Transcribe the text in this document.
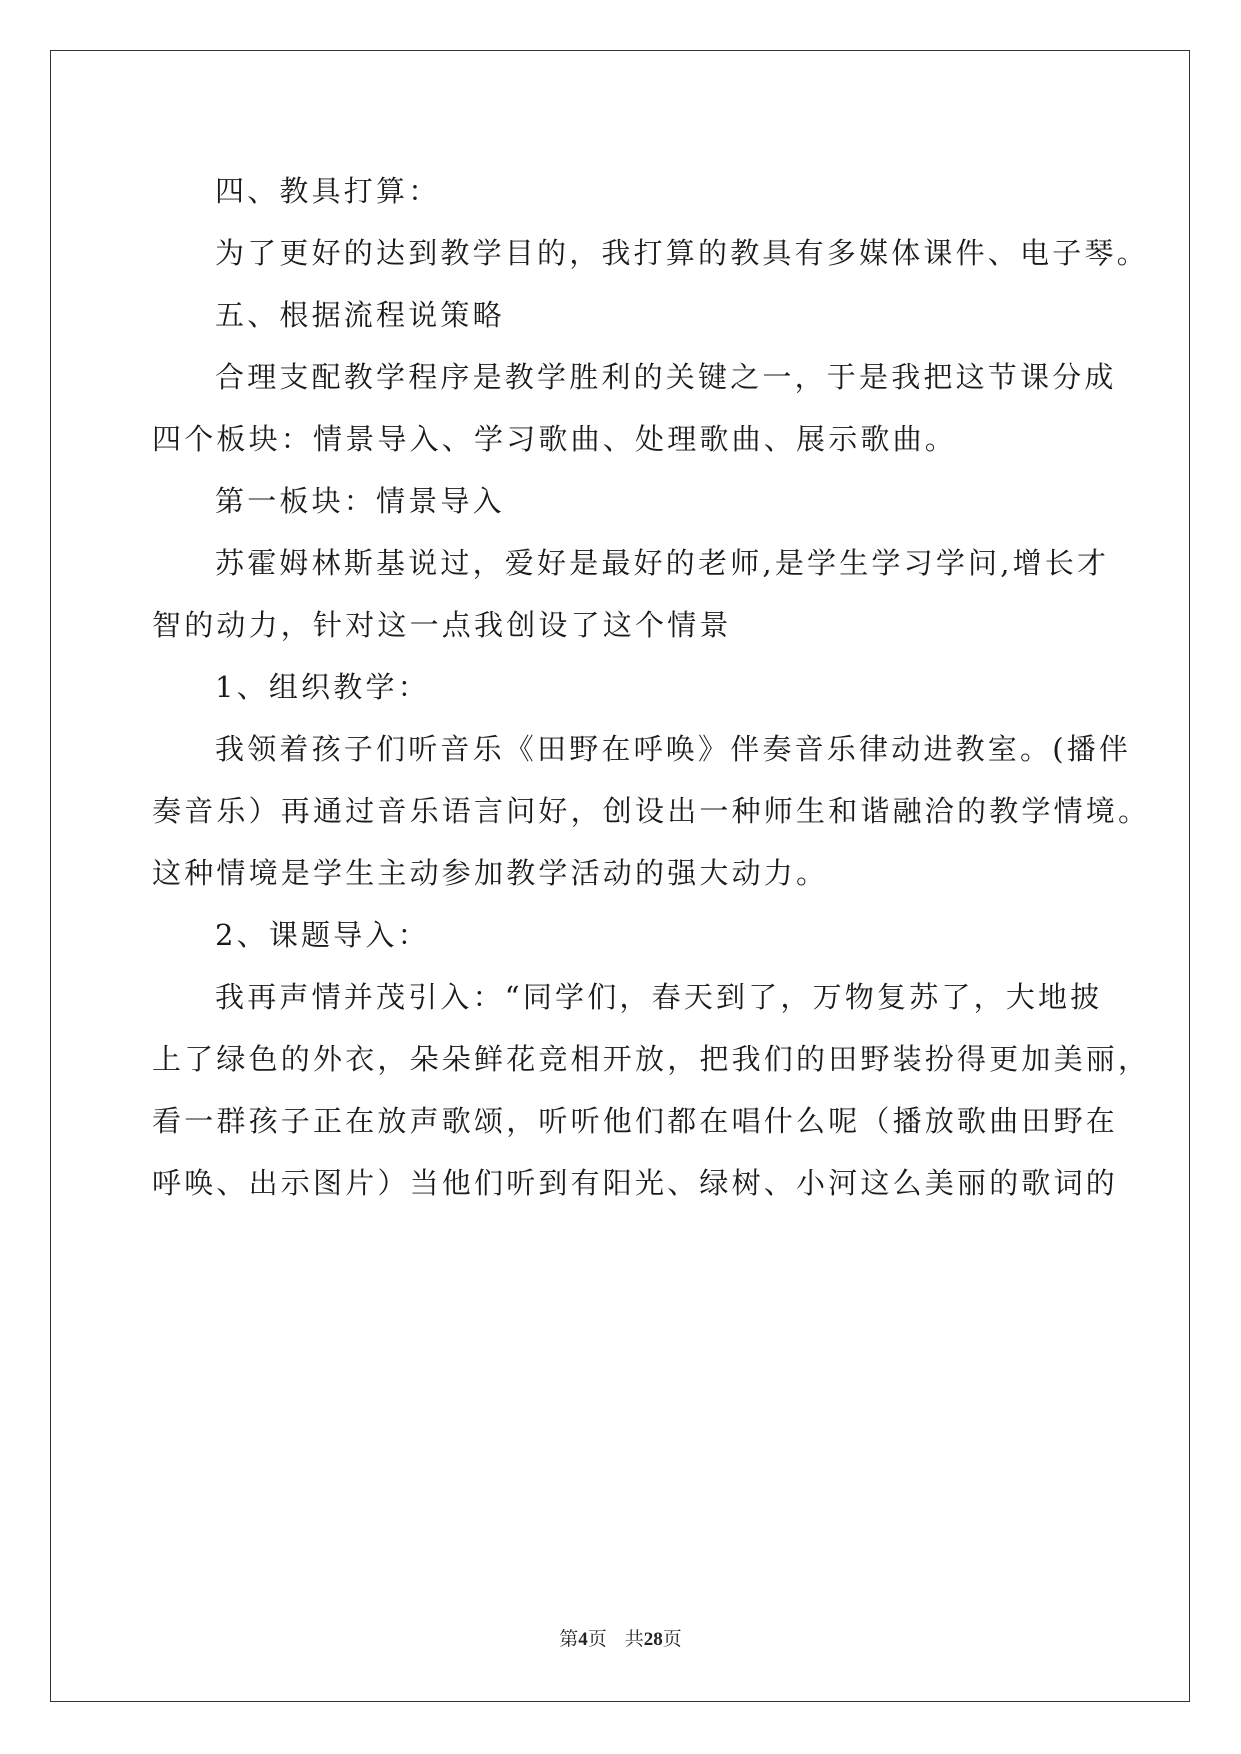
四、教具打算：
为了更好的达到教学目的，我打算的教具有多媒体课件、电子琴。
五、根据流程说策略
合理支配教学程序是教学胜利的关键之一，于是我把这节课分成
四个板块：情景导入、学习歌曲、处理歌曲、展示歌曲。
第一板块：情景导入
苏霍姆林斯基说过，爱好是最好的老师,是学生学习学问,增长才
智的动力，针对这一点我创设了这个情景
1、组织教学：
我领着孩子们听音乐《田野在呼唤》伴奏音乐律动进教室。(播伴
奏音乐）再通过音乐语言问好，创设出一种师生和谐融洽的教学情境。
这种情境是学生主动参加教学活动的强大动力。
2、课题导入：
我再声情并茂引入：“同学们，春天到了，万物复苏了，大地披
上了绿色的外衣，朵朵鲜花竞相开放，把我们的田野装扮得更加美丽，
看一群孩子正在放声歌颂，听听他们都在唱什么呢（播放歌曲田野在
呼唤、出示图片）当他们听到有阳光、绿树、小河这么美丽的歌词的
第4页 共28页
